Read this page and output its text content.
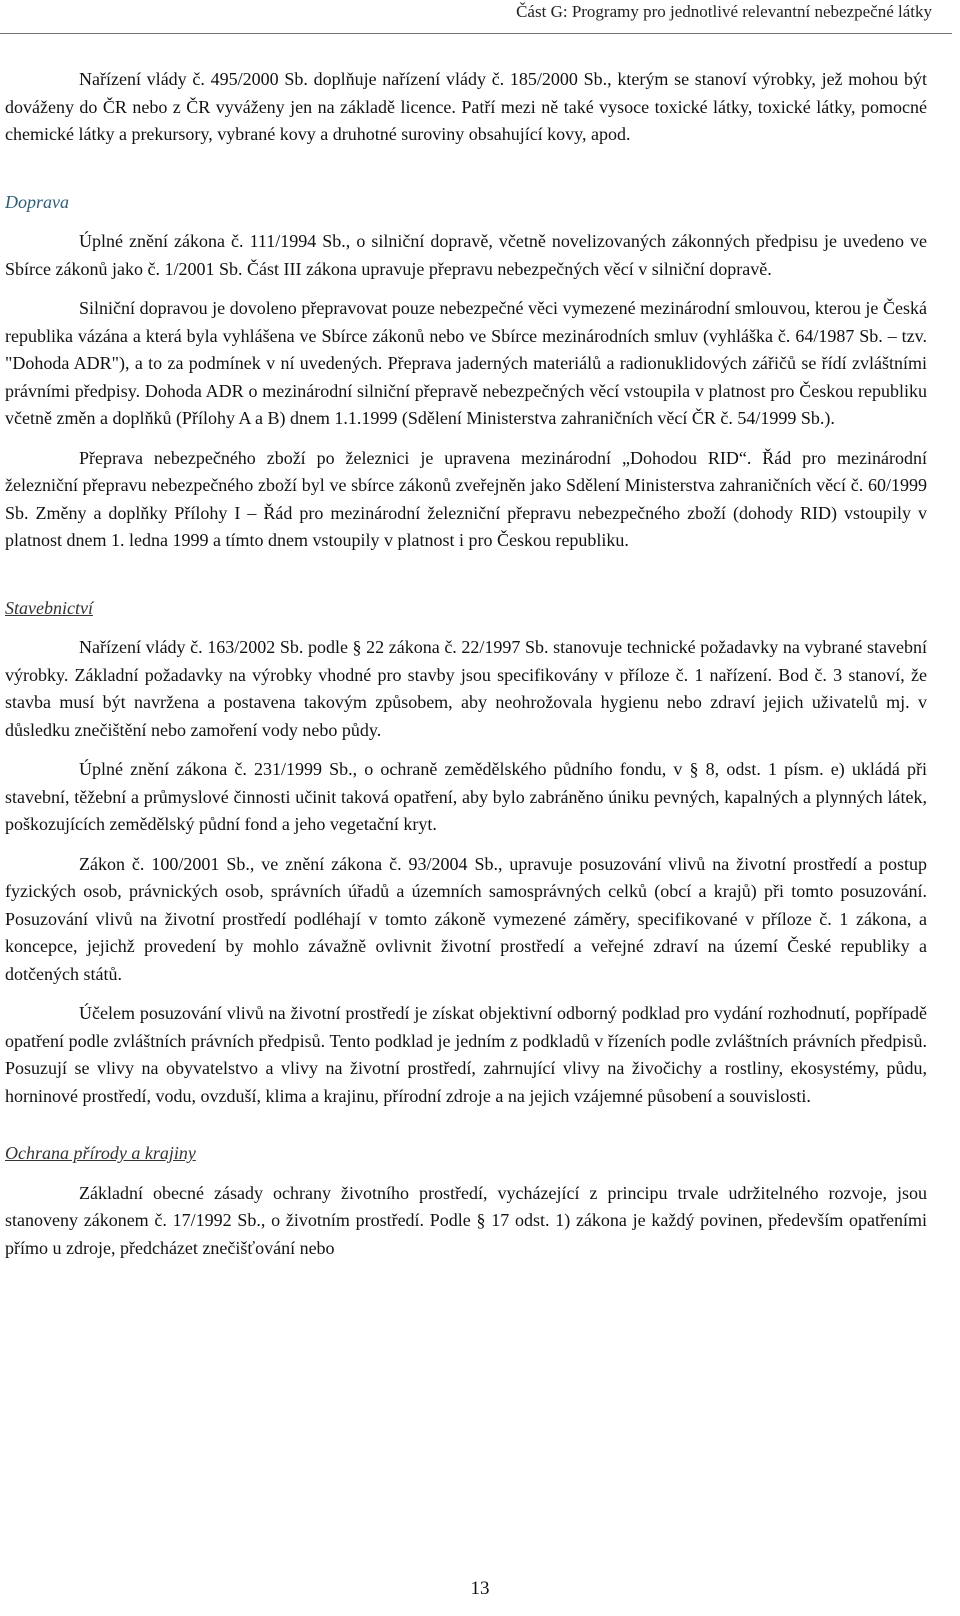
Část G: Programy pro jednotlivé relevantní nebezpečné látky

Nařízení vlády č. 495/2000 Sb. doplňuje nařízení vlády č. 185/2000 Sb., kterým se stanoví výrobky, jež mohou být dováženy do ČR nebo z ČR vyváženy jen na základě licence. Patří mezi ně také vysoce toxické látky, toxické látky, pomocné chemické látky a prekursory, vybrané kovy a druhotné suroviny obsahující kovy, apod.

Doprava

Úplné znění zákona č. 111/1994 Sb., o silniční dopravě, včetně novelizovaných zákonných předpisu je uvedeno ve Sbírce zákonů jako č. 1/2001 Sb. Část III zákona upravuje přepravu nebezpečných věcí v silniční dopravě.

Silniční dopravou je dovoleno přepravovat pouze nebezpečné věci vymezené mezinárodní smlouvou, kterou je Česká republika vázána a která byla vyhlášena ve Sbírce zákonů nebo ve Sbírce mezinárodních smluv (vyhláška č. 64/1987 Sb. – tzv. "Dohoda ADR"), a to za podmínek v ní uvedených. Přeprava jaderných materiálů a radionuklidových zářičů se řídí zvláštními právními předpisy. Dohoda ADR o mezinárodní silniční přepravě nebezpečných věcí vstoupila v platnost pro Českou republiku včetně změn a doplňků (Přílohy A a B) dnem 1.1.1999 (Sdělení Ministerstva zahraničních věcí ČR č. 54/1999 Sb.).

Přeprava nebezpečného zboží po železnici je upravena mezinárodní „Dohodou RID“. Řád pro mezinárodní železniční přepravu nebezpečného zboží byl ve sbírce zákonů zveřejněn jako Sdělení Ministerstva zahraničních věcí č. 60/1999 Sb. Změny a doplňky Přílohy I – Řád pro mezinárodní železniční přepravu nebezpečného zboží (dohody RID) vstoupily v platnost dnem 1. ledna 1999 a tímto dnem vstoupily v platnost i pro Českou republiku.

Stavebnictví

Nařízení vlády č. 163/2002 Sb. podle § 22 zákona č. 22/1997 Sb. stanovuje technické požadavky na vybrané stavební výrobky. Základní požadavky na výrobky vhodné pro stavby jsou specifikovány v příloze č. 1 nařízení. Bod č. 3 stanoví, že stavba musí být navržena a postavena takovým způsobem, aby neohrožovala hygienu nebo zdraví jejich uživatelů mj. v důsledku znečištění nebo zamoření vody nebo půdy.

Úplné znění zákona č. 231/1999 Sb., o ochraně zemědělského půdního fondu, v § 8, odst. 1 písm. e) ukládá při stavební, těžební a průmyslové činnosti učinit taková opatření, aby bylo zabráněno úniku pevných, kapalných a plynných látek, poškozujících zemědělský půdní fond a jeho vegetační kryt.

Zákon č. 100/2001 Sb., ve znění zákona č. 93/2004 Sb., upravuje posuzování vlivů na životní prostředí a postup fyzických osob, právnických osob, správních úřadů a územních samosprávných celků (obcí a krajů) při tomto posuzování. Posuzování vlivů na životní prostředí podléhají v tomto zákoně vymezené záměry, specifikované v příloze č. 1 zákona, a koncepce, jejichž provedení by mohlo závažně ovlivnit životní prostředí a veřejné zdraví na území České republiky a dotčených států.

Účelem posuzování vlivů na životní prostředí je získat objektivní odborný podklad pro vydání rozhodnutí, popřípadě opatření podle zvláštních právních předpisů. Tento podklad je jedním z podkladů v řízeních podle zvláštních právních předpisů. Posuzují se vlivy na obyvatelstvo a vlivy na životní prostředí, zahrnující vlivy na živočichy a rostliny, ekosystémy, půdu, horninové prostředí, vodu, ovzduší, klima a krajinu, přírodní zdroje a na jejich vzájemné působení a souvislosti.

Ochrana přírody a krajiny

Základní obecné zásady ochrany životního prostředí, vycházející z principu trvale udržitelného rozvoje, jsou stanoveny zákonem č. 17/1992 Sb., o životním prostředí. Podle § 17 odst. 1) zákona je každý povinen, především opatřeními přímo u zdroje, předcházet znečišťování nebo

13
